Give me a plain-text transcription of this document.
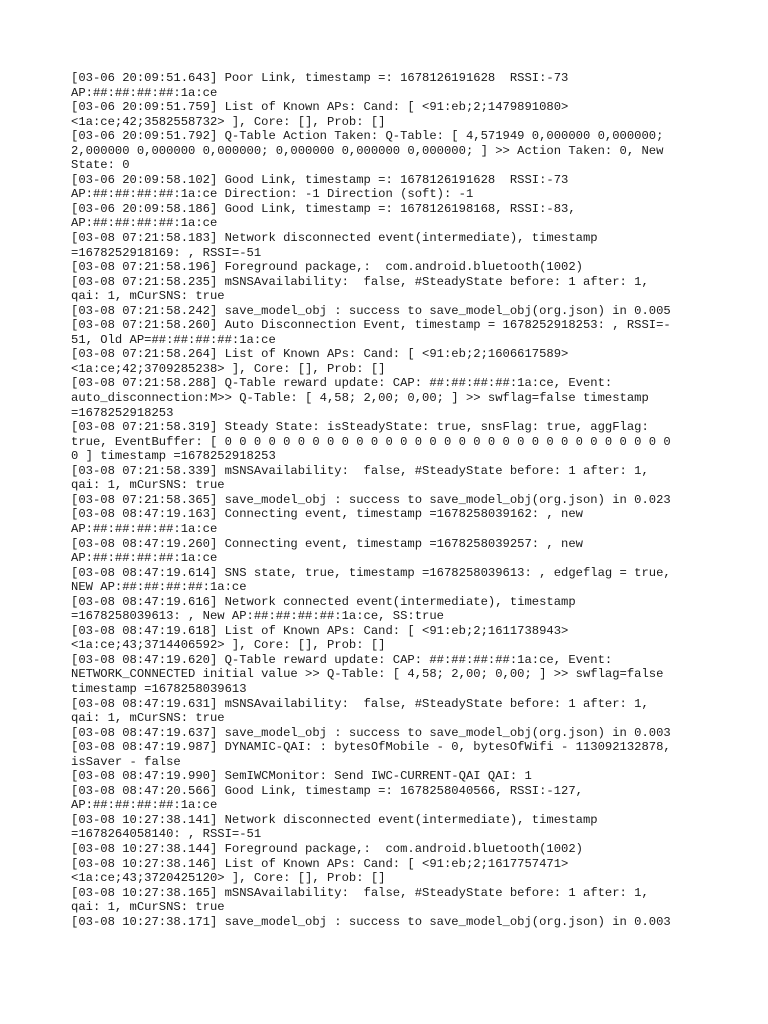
[03-06 20:09:51.643] Poor Link, timestamp =: 1678126191628  RSSI:-73
AP:##:##:##:##:1a:ce
[03-06 20:09:51.759] List of Known APs: Cand: [ <91:eb;2;1479891080>
<1a:ce;42;3582558732> ], Core: [], Prob: []
[03-06 20:09:51.792] Q-Table Action Taken: Q-Table: [ 4,571949 0,000000 0,000000;
2,000000 0,000000 0,000000; 0,000000 0,000000 0,000000; ] >> Action Taken: 0, New
State: 0
[03-06 20:09:58.102] Good Link, timestamp =: 1678126191628  RSSI:-73
AP:##:##:##:##:1a:ce Direction: -1 Direction (soft): -1
[03-06 20:09:58.186] Good Link, timestamp =: 1678126198168, RSSI:-83,
AP:##:##:##:##:1a:ce
[03-08 07:21:58.183] Network disconnected event(intermediate), timestamp
=1678252918169: , RSSI=-51
[03-08 07:21:58.196] Foreground package,:  com.android.bluetooth(1002)
[03-08 07:21:58.235] mSNSAvailability:  false, #SteadyState before: 1 after: 1,
qai: 1, mCurSNS: true
[03-08 07:21:58.242] save_model_obj : success to save_model_obj(org.json) in 0.005
[03-08 07:21:58.260] Auto Disconnection Event, timestamp = 1678252918253: , RSSI=-
51, Old AP=##:##:##:##:1a:ce
[03-08 07:21:58.264] List of Known APs: Cand: [ <91:eb;2;1606617589>
<1a:ce;42;3709285238> ], Core: [], Prob: []
[03-08 07:21:58.288] Q-Table reward update: CAP: ##:##:##:##:1a:ce, Event:
auto_disconnection:M>> Q-Table: [ 4,58; 2,00; 0,00; ] >> swflag=false timestamp
=1678252918253
[03-08 07:21:58.319] Steady State: isSteadyState: true, snsFlag: true, aggFlag:
true, EventBuffer: [ 0 0 0 0 0 0 0 0 0 0 0 0 0 0 0 0 0 0 0 0 0 0 0 0 0 0 0 0 0 0 0
0 ] timestamp =1678252918253
[03-08 07:21:58.339] mSNSAvailability:  false, #SteadyState before: 1 after: 1,
qai: 1, mCurSNS: true
[03-08 07:21:58.365] save_model_obj : success to save_model_obj(org.json) in 0.023
[03-08 08:47:19.163] Connecting event, timestamp =1678258039162: , new
AP:##:##:##:##:1a:ce
[03-08 08:47:19.260] Connecting event, timestamp =1678258039257: , new
AP:##:##:##:##:1a:ce
[03-08 08:47:19.614] SNS state, true, timestamp =1678258039613: , edgeflag = true,
NEW AP:##:##:##:##:1a:ce
[03-08 08:47:19.616] Network connected event(intermediate), timestamp
=1678258039613: , New AP:##:##:##:##:1a:ce, SS:true
[03-08 08:47:19.618] List of Known APs: Cand: [ <91:eb;2;1611738943>
<1a:ce;43;3714406592> ], Core: [], Prob: []
[03-08 08:47:19.620] Q-Table reward update: CAP: ##:##:##:##:1a:ce, Event:
NETWORK_CONNECTED initial value >> Q-Table: [ 4,58; 2,00; 0,00; ] >> swflag=false
timestamp =1678258039613
[03-08 08:47:19.631] mSNSAvailability:  false, #SteadyState before: 1 after: 1,
qai: 1, mCurSNS: true
[03-08 08:47:19.637] save_model_obj : success to save_model_obj(org.json) in 0.003
[03-08 08:47:19.987] DYNAMIC-QAI: : bytesOfMobile - 0, bytesOfWifi - 113092132878,
isSaver - false
[03-08 08:47:19.990] SemIWCMonitor: Send IWC-CURRENT-QAI QAI: 1
[03-08 08:47:20.566] Good Link, timestamp =: 1678258040566, RSSI:-127,
AP:##:##:##:##:1a:ce
[03-08 10:27:38.141] Network disconnected event(intermediate), timestamp
=1678264058140: , RSSI=-51
[03-08 10:27:38.144] Foreground package,:  com.android.bluetooth(1002)
[03-08 10:27:38.146] List of Known APs: Cand: [ <91:eb;2;1617757471>
<1a:ce;43;3720425120> ], Core: [], Prob: []
[03-08 10:27:38.165] mSNSAvailability:  false, #SteadyState before: 1 after: 1,
qai: 1, mCurSNS: true
[03-08 10:27:38.171] save_model_obj : success to save_model_obj(org.json) in 0.003
